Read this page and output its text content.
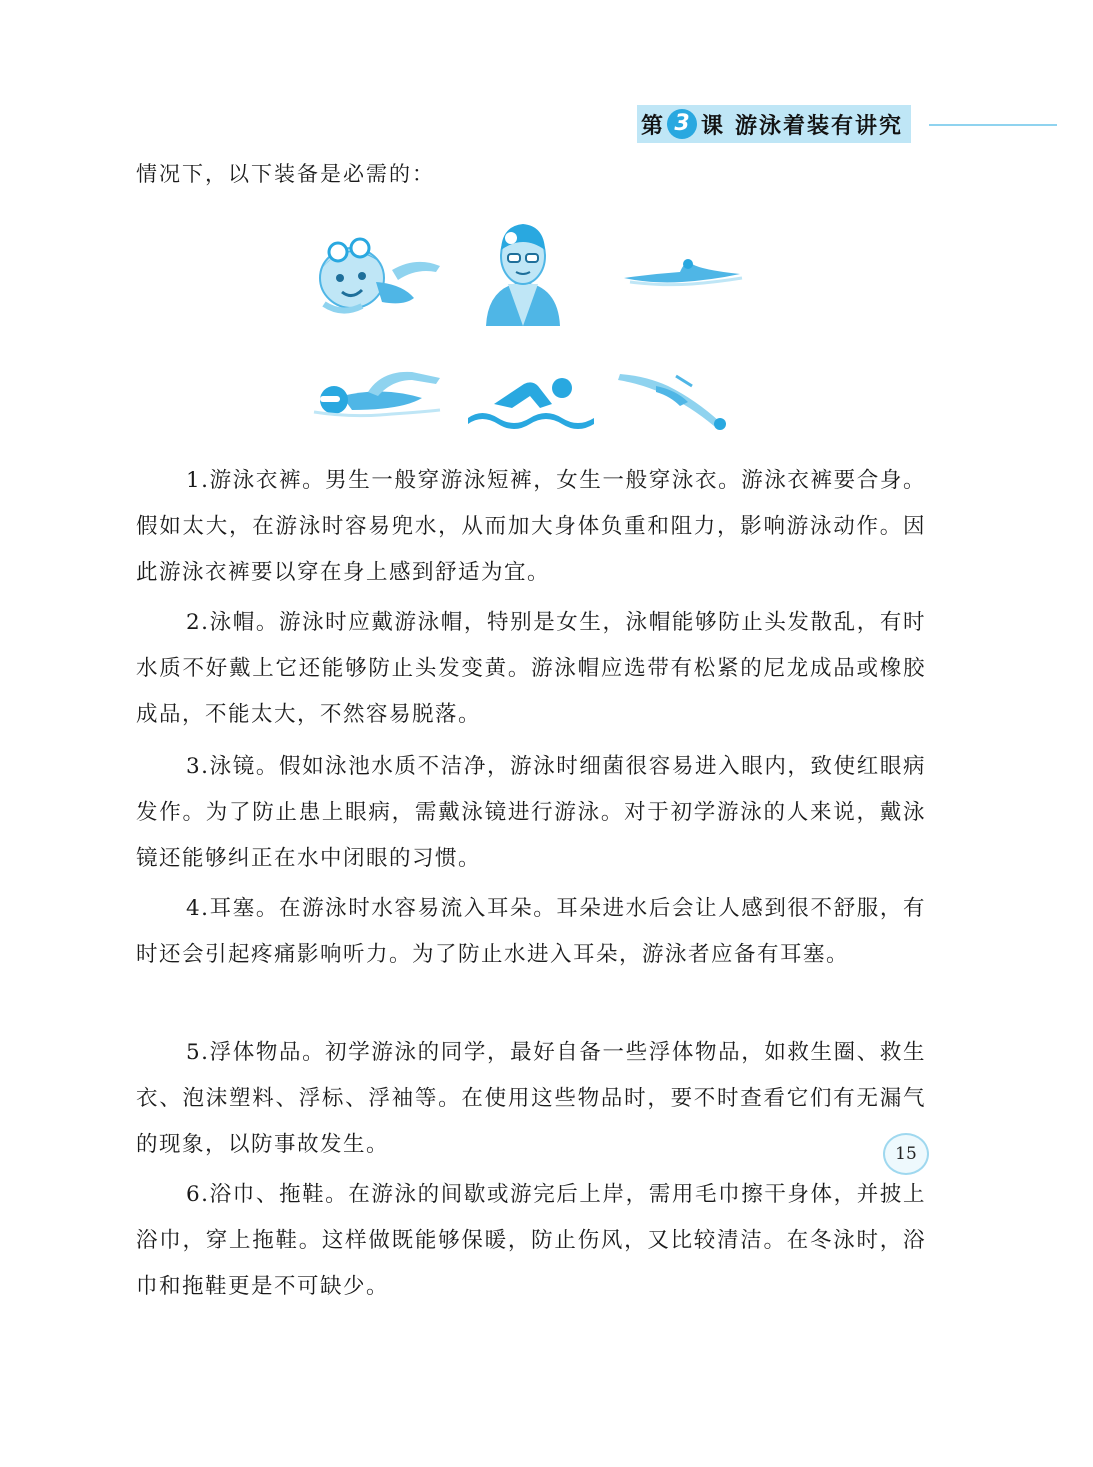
第 3 课 游泳着装有讲究
情况下，以下装备是必需的：
1.游泳衣裤。男生一般穿游泳短裤，女生一般穿泳衣。游泳衣裤要合身。假如太大，在游泳时容易兜水，从而加大身体负重和阻力，影响游泳动作。因此游泳衣裤要以穿在身上感到舒适为宜。
2.泳帽。游泳时应戴游泳帽，特别是女生，泳帽能够防止头发散乱，有时水质不好戴上它还能够防止头发变黄。游泳帽应选带有松紧的尼龙成品或橡胶成品，不能太大，不然容易脱落。
3.泳镜。假如泳池水质不洁净，游泳时细菌很容易进入眼内，致使红眼病发作。为了防止患上眼病，需戴泳镜进行游泳。对于初学游泳的人来说，戴泳镜还能够纠正在水中闭眼的习惯。
4.耳塞。在游泳时水容易流入耳朵。耳朵进水后会让人感到很不舒服，有时还会引起疼痛影响听力。为了防止水进入耳朵，游泳者应备有耳塞。
5.浮体物品。初学游泳的同学，最好自备一些浮体物品，如救生圈、救生衣、泡沫塑料、浮标、浮袖等。在使用这些物品时，要不时查看它们有无漏气的现象，以防事故发生。
6.浴巾、拖鞋。在游泳的间歇或游完后上岸，需用毛巾擦干身体，并披上浴巾，穿上拖鞋。这样做既能够保暖，防止伤风，又比较清洁。在冬泳时，浴巾和拖鞋更是不可缺少。
15
